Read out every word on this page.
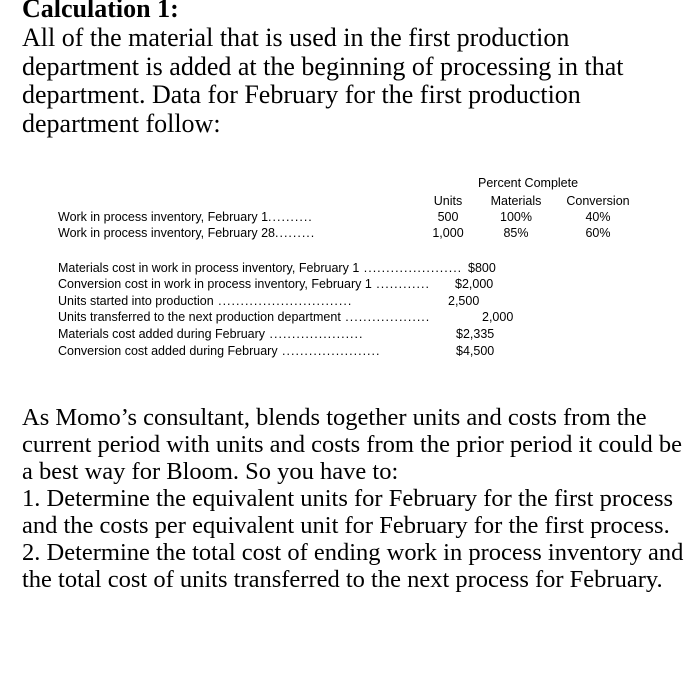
Calculation 1:
All of the material that is used in the first production department is added at the beginning of processing in that department. Data for February for the first production department follow:
Percent Complete
Units	Materials	Conversion
Work in process inventory, February 1..........	500	100%	40%
Work in process inventory, February 28.........	1,000	85%	60%
Materials cost in work in process inventory, February 1 ...................... $800
Conversion cost in work in process inventory, February 1 ............ $2,000
Units started into production ..............................	2,500
Units transferred to the next production department ...................	2,000
Materials cost added during February .....................	$2,335
Conversion cost added during February ......................	$4,500

As Momo’s consultant, blends together units and costs from the current period with units and costs from the prior period it could be a best way for Bloom. So you have to:

1. Determine the equivalent units for February for the first process and the costs per equivalent unit for February for the first process.

2. Determine the total cost of ending work in process inventory and the total cost of units transferred to the next process for February.
